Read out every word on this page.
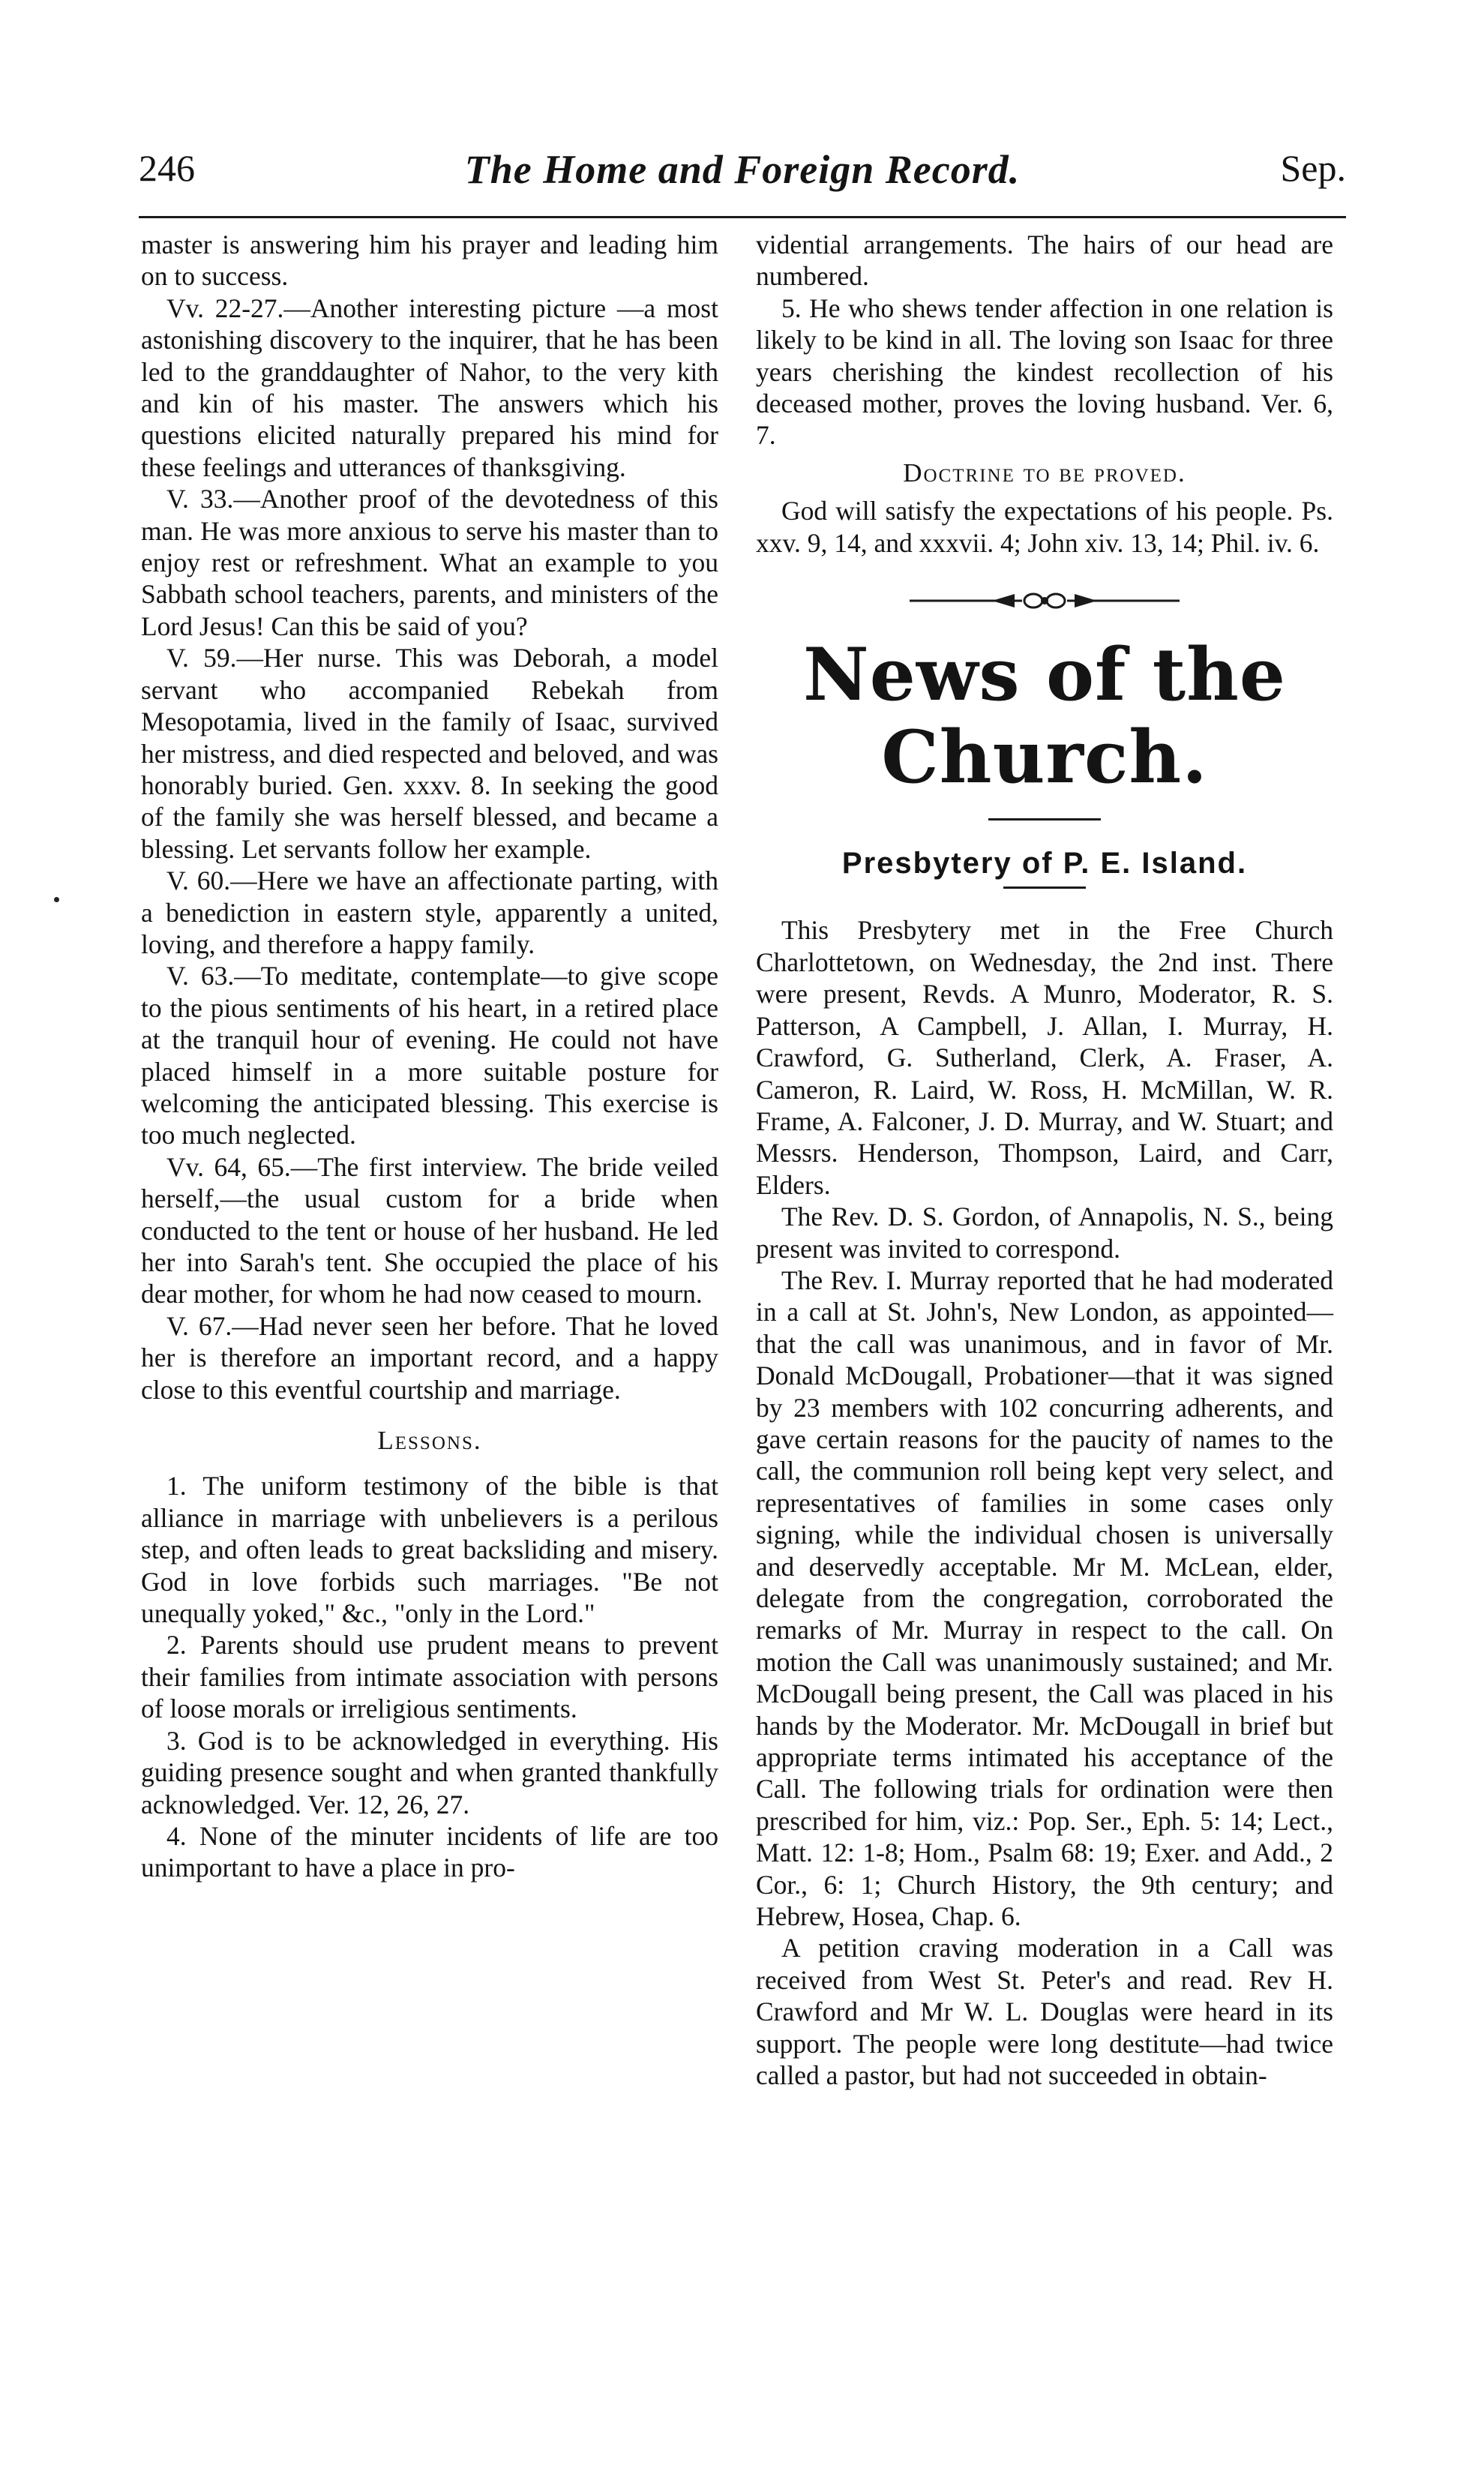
246	The Home and Foreign Record.	Sep.

master is answering him his prayer and leading him on to success.

Vv. 22-27.—Another interesting picture —a most astonishing discovery to the inquirer, that he has been led to the granddaughter of Nahor, to the very kith and kin of his master. The answers which his questions elicited naturally prepared his mind for these feelings and utterances of thanksgiving.

V. 33.—Another proof of the devotedness of this man. He was more anxious to serve his master than to enjoy rest or refreshment. What an example to you Sabbath school teachers, parents, and ministers of the Lord Jesus! Can this be said of you?

V. 59.—Her nurse. This was Deborah, a model servant who accompanied Rebekah from Mesopotamia, lived in the family of Isaac, survived her mistress, and died respected and beloved, and was honorably buried. Gen. xxxv. 8. In seeking the good of the family she was herself blessed, and became a blessing. Let servants follow her example.

V. 60.—Here we have an affectionate parting, with a benediction in eastern style, apparently a united, loving, and therefore a happy family.

V. 63.—To meditate, contemplate—to give scope to the pious sentiments of his heart, in a retired place at the tranquil hour of evening. He could not have placed himself in a more suitable posture for welcoming the anticipated blessing. This exercise is too much neglected.

Vv. 64, 65.—The first interview. The bride veiled herself,—the usual custom for a bride when conducted to the tent or house of her husband. He led her into Sarah's tent. She occupied the place of his dear mother, for whom he had now ceased to mourn.

V. 67.—Had never seen her before. That he loved her is therefore an important record, and a happy close to this eventful courtship and marriage.

Lessons.

1. The uniform testimony of the bible is that alliance in marriage with unbelievers is a perilous step, and often leads to great backsliding and misery. God in love forbids such marriages. "Be not unequally yoked," &c., "only in the Lord."

2. Parents should use prudent means to prevent their families from intimate association with persons of loose morals or irreligious sentiments.

3. God is to be acknowledged in everything. His guiding presence sought and when granted thankfully acknowledged. Ver. 12, 26, 27.

4. None of the minuter incidents of life are too unimportant to have a place in pro-

vidential arrangements. The hairs of our head are numbered.

5. He who shews tender affection in one relation is likely to be kind in all. The loving son Isaac for three years cherishing the kindest recollection of his deceased mother, proves the loving husband. Ver. 6, 7.

Doctrine to be proved.

God will satisfy the expectations of his people. Ps. xxv. 9, 14, and xxxvii. 4; John xiv. 13, 14; Phil. iv. 6.

News of the Church.
Presbytery of P. E. Island.

This Presbytery met in the Free Church Charlottetown, on Wednesday, the 2nd inst. There were present, Revds. A Munro, Moderator, R. S. Patterson, A Campbell, J. Allan, I. Murray, H. Crawford, G. Sutherland, Clerk, A. Fraser, A. Cameron, R. Laird, W. Ross, H. McMillan, W. R. Frame, A. Falconer, J. D. Murray, and W. Stuart; and Messrs. Henderson, Thompson, Laird, and Carr, Elders.

The Rev. D. S. Gordon, of Annapolis, N. S., being present was invited to correspond.

The Rev. I. Murray reported that he had moderated in a call at St. John's, New London, as appointed—that the call was unanimous, and in favor of Mr. Donald McDougall, Probationer—that it was signed by 23 members with 102 concurring adherents, and gave certain reasons for the paucity of names to the call, the communion roll being kept very select, and representatives of families in some cases only signing, while the individual chosen is universally and deservedly acceptable. Mr M. McLean, elder, delegate from the congregation, corroborated the remarks of Mr. Murray in respect to the call. On motion the Call was unanimously sustained; and Mr. McDougall being present, the Call was placed in his hands by the Moderator. Mr. McDougall in brief but appropriate terms intimated his acceptance of the Call. The following trials for ordination were then prescribed for him, viz.: Pop. Ser., Eph. 5: 14; Lect., Matt. 12: 1-8; Hom., Psalm 68: 19; Exer. and Add., 2 Cor., 6: 1; Church History, the 9th century; and Hebrew, Hosea, Chap. 6.

A petition craving moderation in a Call was received from West St. Peter's and read. Rev H. Crawford and Mr W. L. Douglas were heard in its support. The people were long destitute—had twice called a pastor, but had not succeeded in obtain-
